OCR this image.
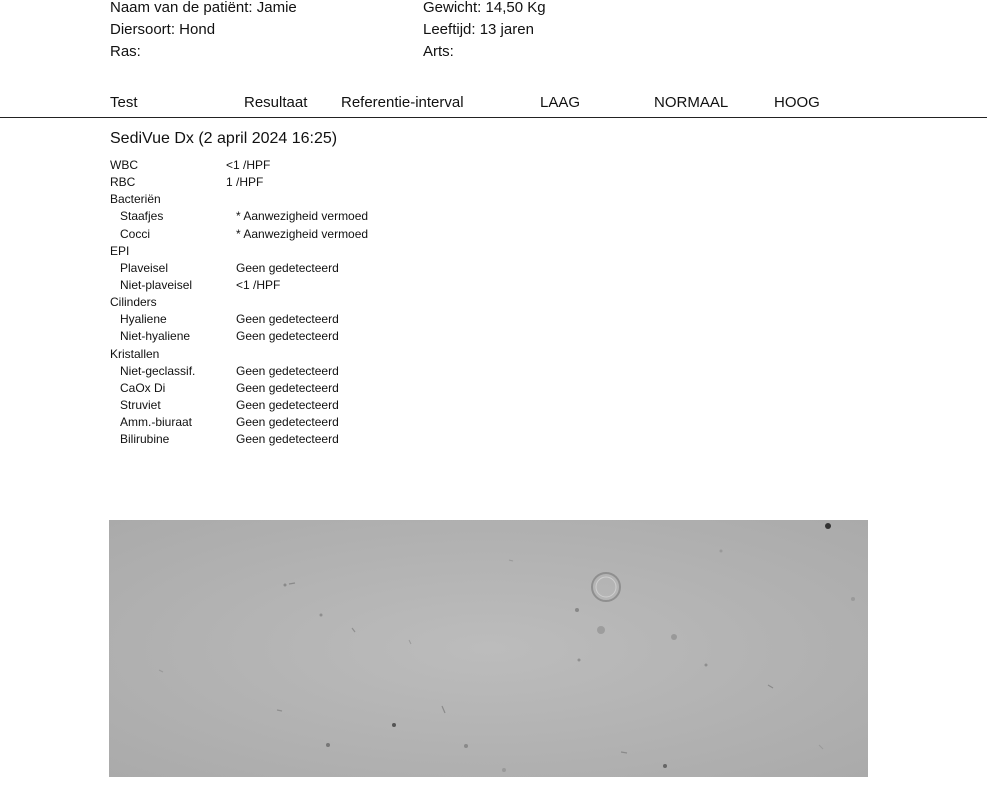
Naam van de patiënt: Jamie
Diersoort: Hond
Ras:
Gewicht: 14,50 Kg
Leeftijd: 13 jaren
Arts:
Test	Resultaat Referentie-interval	LAAG	NORMAAL	HOOG
SediVue Dx (2 april 2024 16:25)
WBC	<1 /HPF
RBC	1 /HPF
Bacteriën
Staafjes	* Aanwezigheid vermoed
Cocci	* Aanwezigheid vermoed
EPI
Plaveisel	Geen gedetecteerd
Niet-plaveisel	<1 /HPF
Cilinders
Hyaliene	Geen gedetecteerd
Niet-hyaliene	Geen gedetecteerd
Kristallen
Niet-geclassif.	Geen gedetecteerd
CaOx Di	Geen gedetecteerd
Struviet	Geen gedetecteerd
Amm.-biuraat	Geen gedetecteerd
Bilirubine	Geen gedetecteerd
